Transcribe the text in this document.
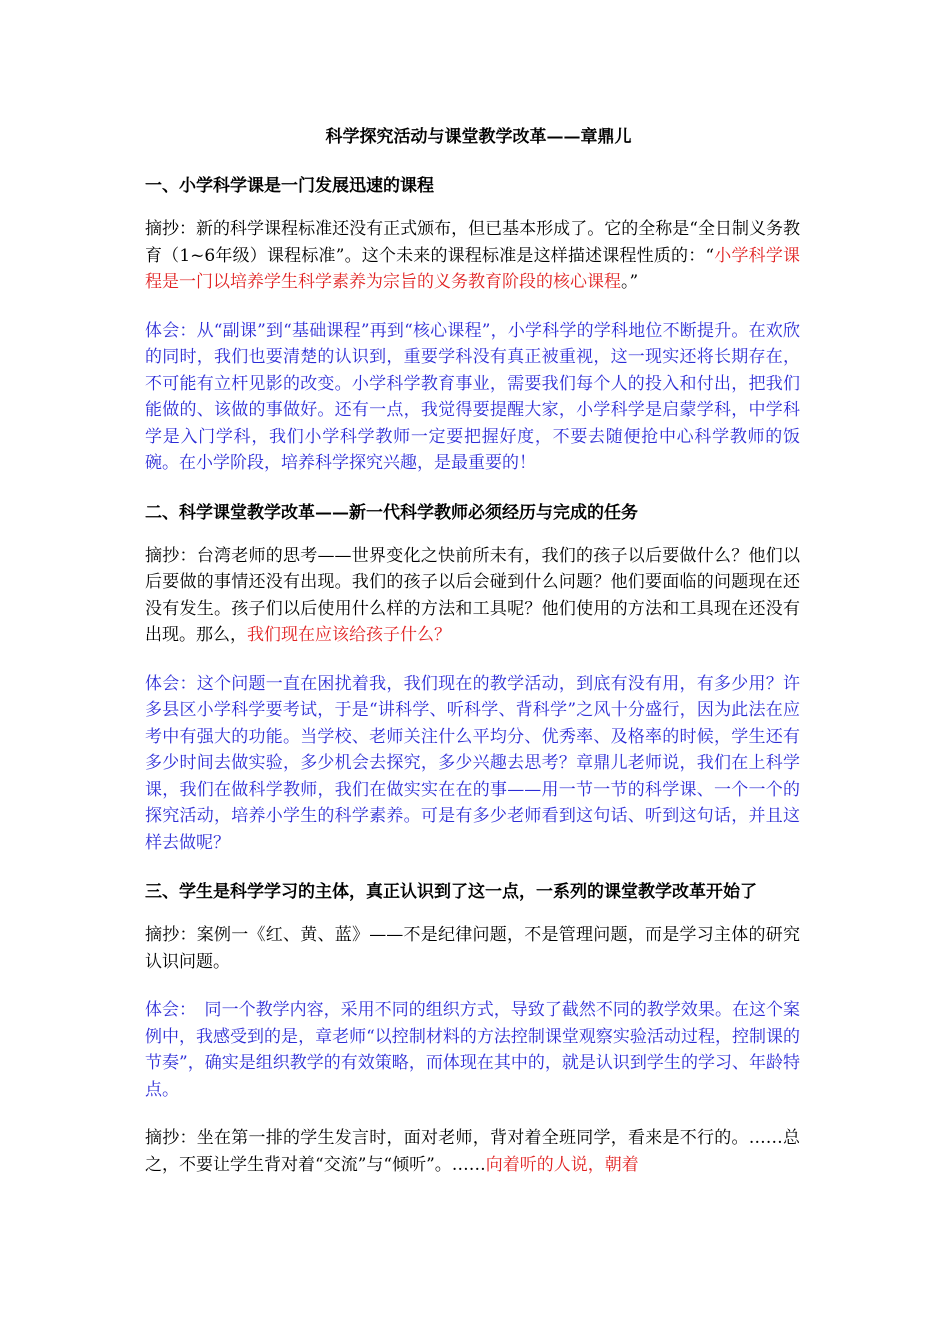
科学探究活动与课堂教学改革——章鼎儿
一、小学科学课是一门发展迅速的课程
摘抄：新的科学课程标准还没有正式颁布，但已基本形成了。它的全称是“全日制义务教育（1~6年级）课程标准”。这个未来的课程标准是这样描述课程性质的：“小学科学课程是一门以培养学生科学素养为宗旨的义务教育阶段的核心课程。”
体会：从“副课”到“基础课程”再到“核心课程”，小学科学的学科地位不断提升。在欢欣的同时，我们也要清楚的认识到，重要学科没有真正被重视，这一现实还将长期存在，不可能有立杆见影的改变。小学科学教育事业，需要我们每个人的投入和付出，把我们能做的、该做的事做好。还有一点，我觉得要提醒大家，小学科学是启蒙学科，中学科学是入门学科，我们小学科学教师一定要把握好度，不要去随便抢中心科学教师的饭碗。在小学阶段，培养科学探究兴趣，是最重要的！
二、科学课堂教学改革——新一代科学教师必须经历与完成的任务
摘抄：台湾老师的思考——世界变化之快前所未有，我们的孩子以后要做什么？他们以后要做的事情还没有出现。我们的孩子以后会碰到什么问题？他们要面临的问题现在还没有发生。孩子们以后使用什么样的方法和工具呢？他们使用的方法和工具现在还没有出现。那么，我们现在应该给孩子什么？
体会：这个问题一直在困扰着我，我们现在的教学活动，到底有没有用，有多少用？许多县区小学科学要考试，于是“讲科学、听科学、背科学”之风十分盛行，因为此法在应考中有强大的功能。当学校、老师关注什么平均分、优秀率、及格率的时候，学生还有多少时间去做实验，多少机会去探究，多少兴趣去思考？章鼎儿老师说，我们在上科学课，我们在做科学教师，我们在做实实在在的事——用一节一节的科学课、一个一个的探究活动，培养小学生的科学素养。可是有多少老师看到这句话、听到这句话，并且这样去做呢？
三、学生是科学学习的主体，真正认识到了这一点，一系列的课堂教学改革开始了
摘抄：案例一《红、黄、蓝》——不是纪律问题，不是管理问题，而是学习主体的研究认识问题。
体会：　同一个教学内容，采用不同的组织方式，导致了截然不同的教学效果。在这个案例中，我感受到的是，章老师“以控制材料的方法控制课堂观察实验活动过程，控制课的节奏”，确实是组织教学的有效策略，而体现在其中的，就是认识到学生的学习、年龄特点。
摘抄：坐在第一排的学生发言时，面对老师，背对着全班同学，看来是不行的。……总之，不要让学生背对着“交流”与“倾听”。……向着听的人说，朝着
